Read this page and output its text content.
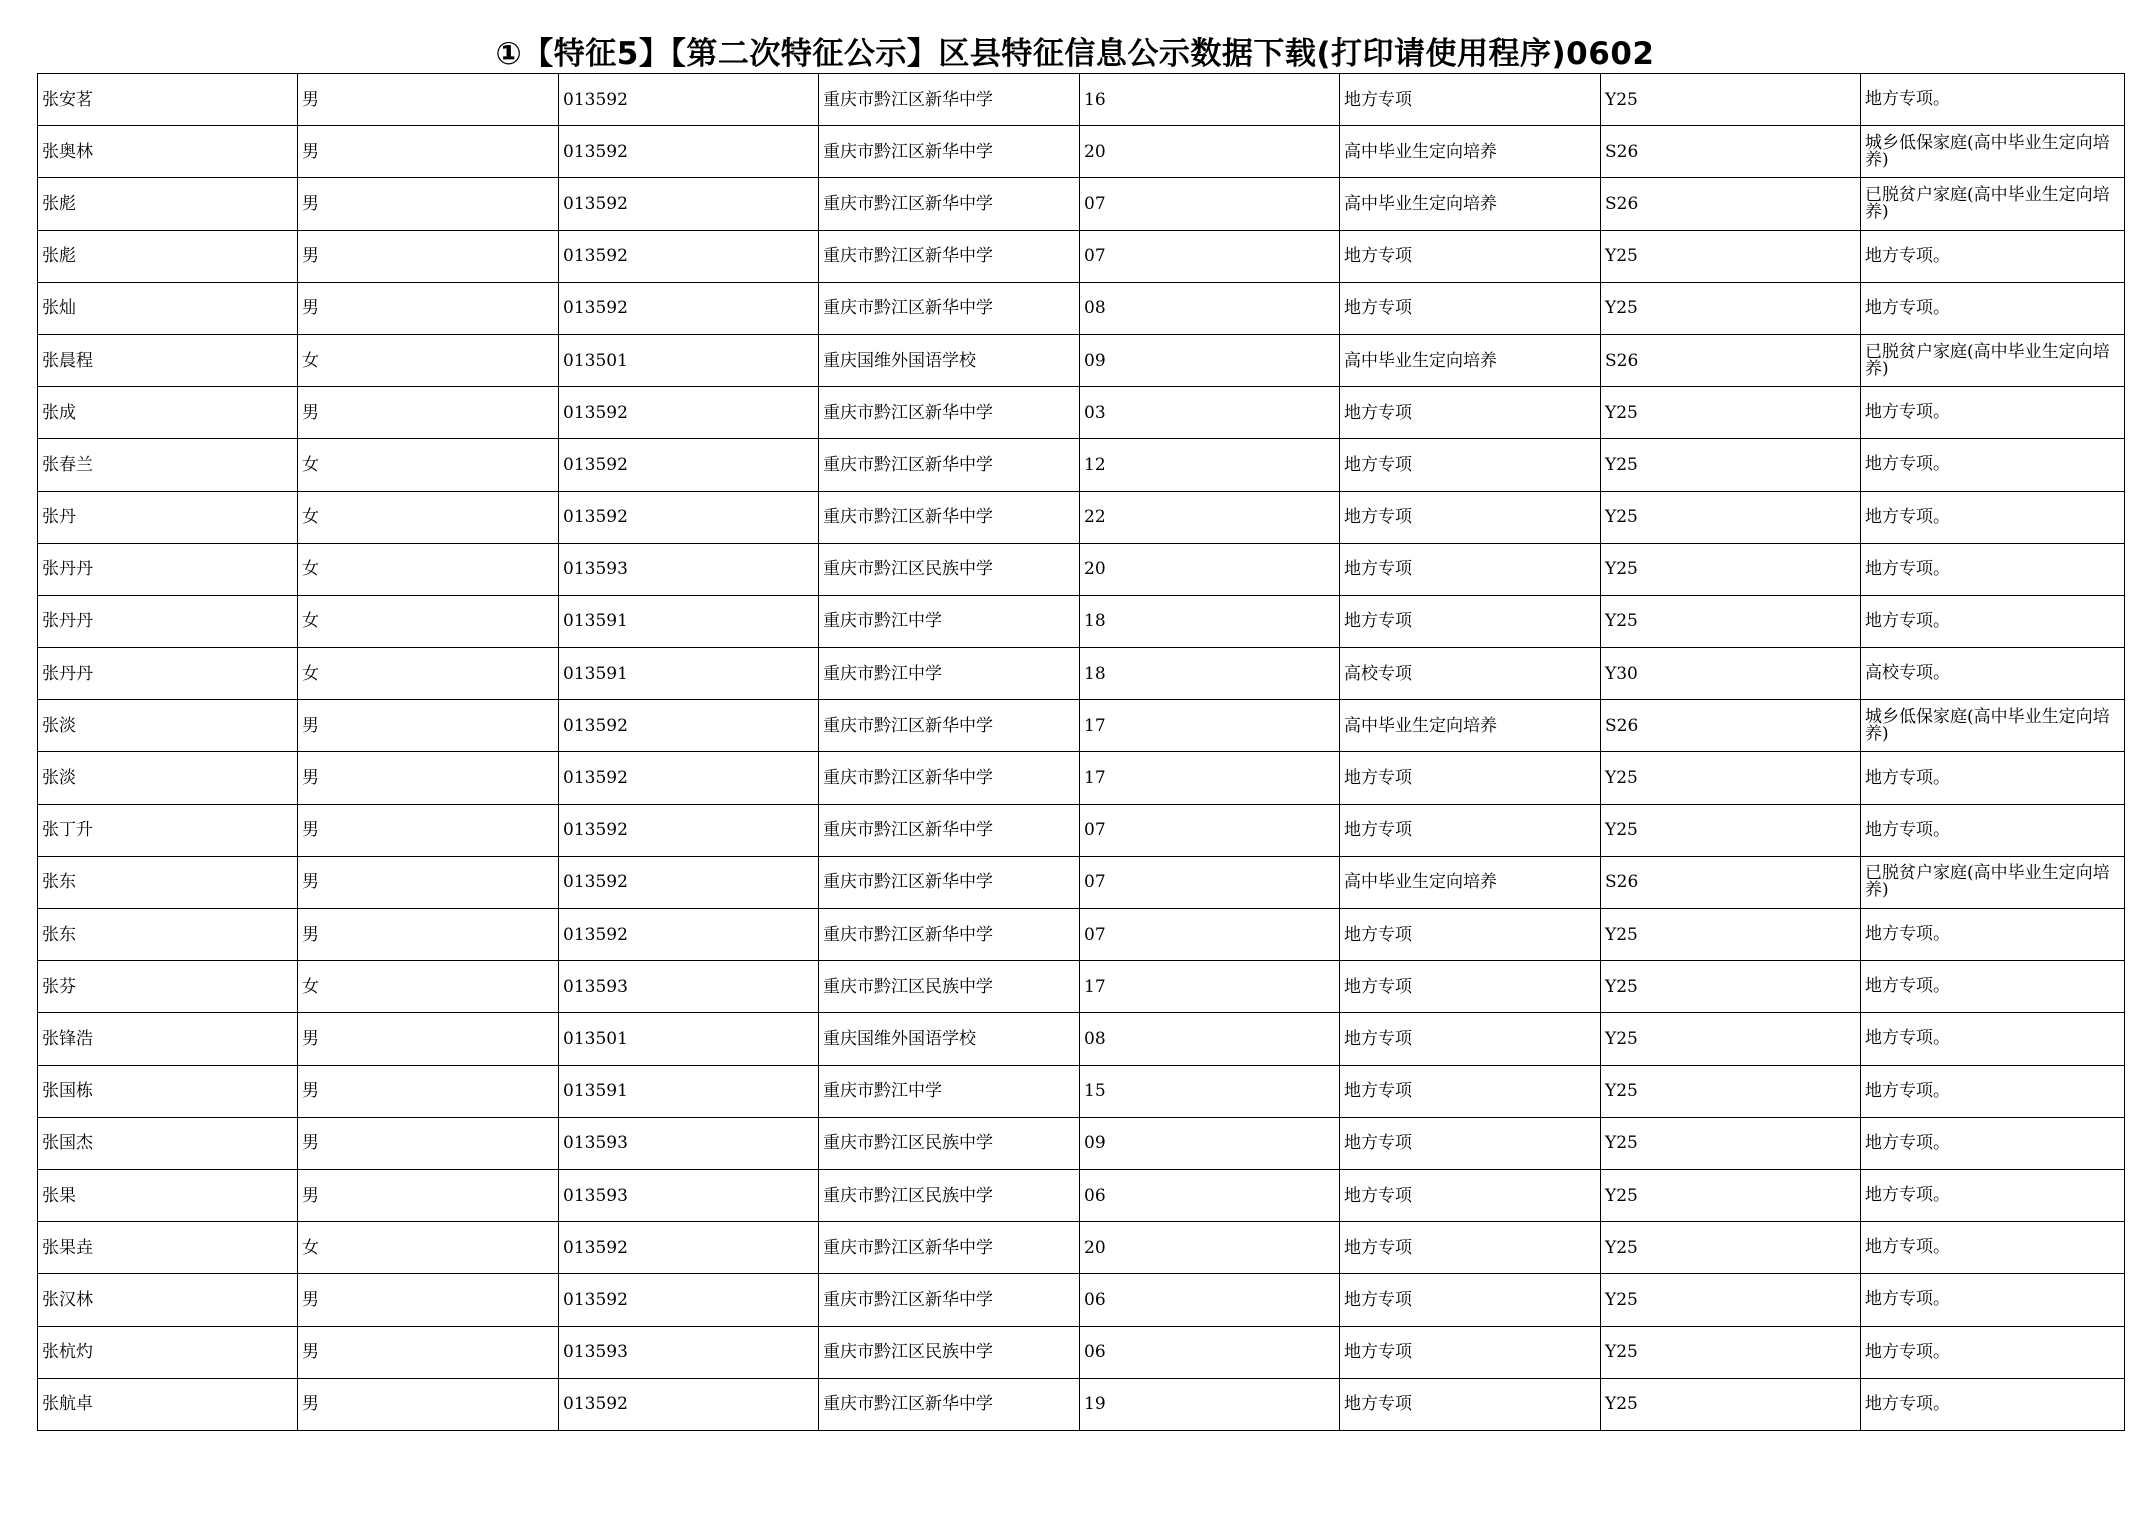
①【特征5】【第二次特征公示】区县特征信息公示数据下载(打印请使用程序)0602
张安茗	男	013592	重庆市黔江区新华中学	16	地方专项	Y25	地方专项。
张奥林	男	013592	重庆市黔江区新华中学	20	高中毕业生定向培养	S26	城乡低保家庭(高中毕业生定向培养)
张彪	男	013592	重庆市黔江区新华中学	07	高中毕业生定向培养	S26	已脱贫户家庭(高中毕业生定向培养)
张彪	男	013592	重庆市黔江区新华中学	07	地方专项	Y25	地方专项。
张灿	男	013592	重庆市黔江区新华中学	08	地方专项	Y25	地方专项。
张晨程	女	013501	重庆国维外国语学校	09	高中毕业生定向培养	S26	已脱贫户家庭(高中毕业生定向培养)
张成	男	013592	重庆市黔江区新华中学	03	地方专项	Y25	地方专项。
张春兰	女	013592	重庆市黔江区新华中学	12	地方专项	Y25	地方专项。
张丹	女	013592	重庆市黔江区新华中学	22	地方专项	Y25	地方专项。
张丹丹	女	013593	重庆市黔江区民族中学	20	地方专项	Y25	地方专项。
张丹丹	女	013591	重庆市黔江中学	18	地方专项	Y25	地方专项。
张丹丹	女	013591	重庆市黔江中学	18	高校专项	Y30	高校专项。
张淡	男	013592	重庆市黔江区新华中学	17	高中毕业生定向培养	S26	城乡低保家庭(高中毕业生定向培养)
张淡	男	013592	重庆市黔江区新华中学	17	地方专项	Y25	地方专项。
张丁升	男	013592	重庆市黔江区新华中学	07	地方专项	Y25	地方专项。
张东	男	013592	重庆市黔江区新华中学	07	高中毕业生定向培养	S26	已脱贫户家庭(高中毕业生定向培养)
张东	男	013592	重庆市黔江区新华中学	07	地方专项	Y25	地方专项。
张芬	女	013593	重庆市黔江区民族中学	17	地方专项	Y25	地方专项。
张锋浩	男	013501	重庆国维外国语学校	08	地方专项	Y25	地方专项。
张国栋	男	013591	重庆市黔江中学	15	地方专项	Y25	地方专项。
张国杰	男	013593	重庆市黔江区民族中学	09	地方专项	Y25	地方专项。
张果	男	013593	重庆市黔江区民族中学	06	地方专项	Y25	地方专项。
张果垚	女	013592	重庆市黔江区新华中学	20	地方专项	Y25	地方专项。
张汉林	男	013592	重庆市黔江区新华中学	06	地方专项	Y25	地方专项。
张杭灼	男	013593	重庆市黔江区民族中学	06	地方专项	Y25	地方专项。
张航卓	男	013592	重庆市黔江区新华中学	19	地方专项	Y25	地方专项。
